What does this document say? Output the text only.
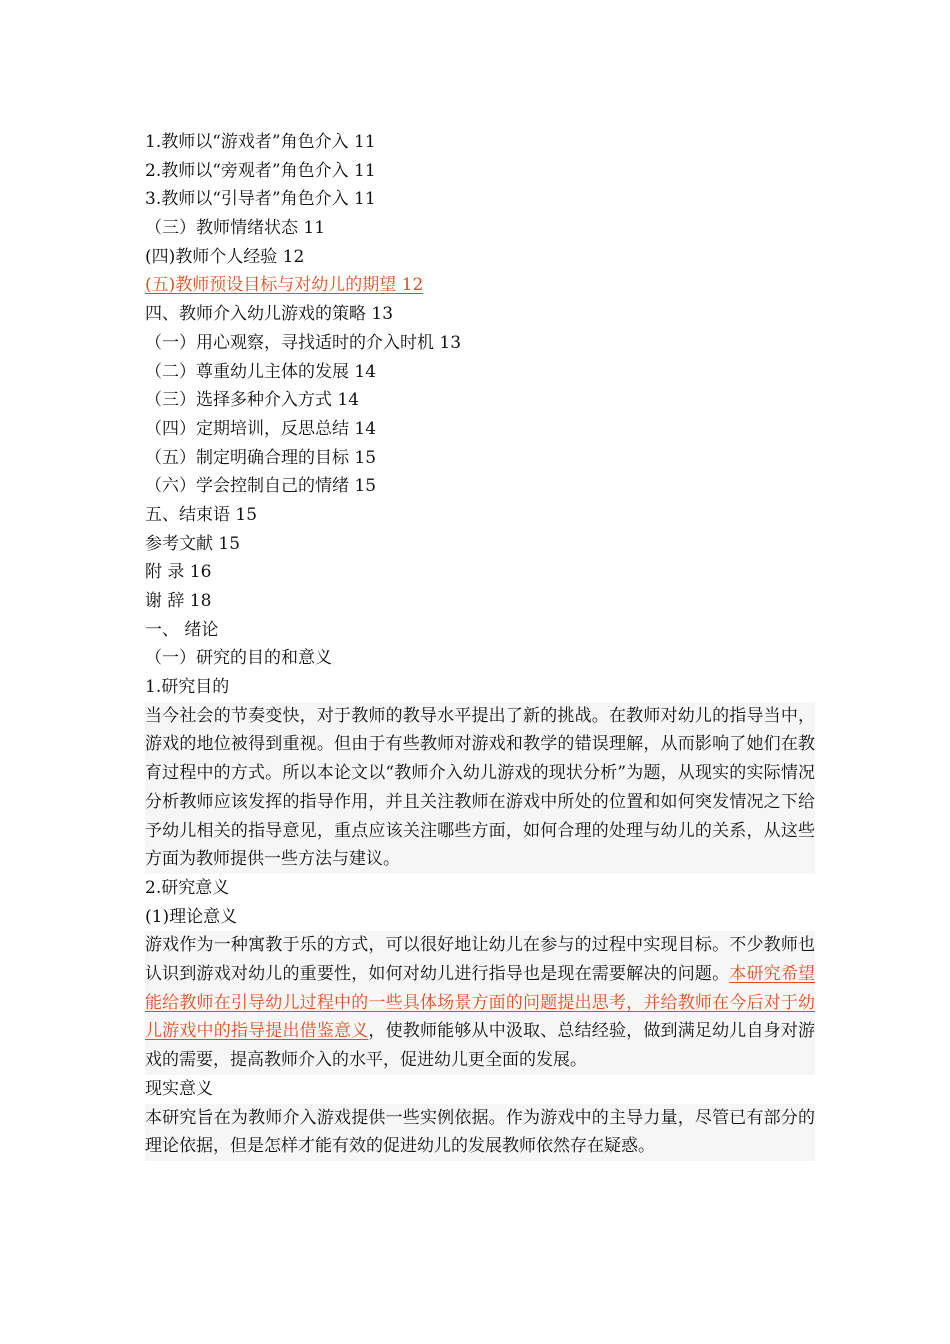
1.教师以“游戏者”角色介入 11
2.教师以“旁观者”角色介入 11
3.教师以“引导者”角色介入 11
（三）教师情绪状态 11
(四)教师个人经验 12
(五)教师预设目标与对幼儿的期望 12
四、教师介入幼儿游戏的策略 13
（一）用心观察，寻找适时的介入时机 13
（二）尊重幼儿主体的发展 14
（三）选择多种介入方式 14
（四）定期培训，反思总结 14
（五）制定明确合理的目标 15
（六）学会控制自己的情绪 15
五、结束语 15
参考文献 15
附 录 16
谢 辞 18
一、 绪论
（一）研究的目的和意义
1.研究目的
当今社会的节奏变快，对于教师的教导水平提出了新的挑战。在教师对幼儿的指导当中，游戏的地位被得到重视。但由于有些教师对游戏和教学的错误理解，从而影响了她们在教育过程中的方式。所以本论文以“教师介入幼儿游戏的现状分析”为题，从现实的实际情况分析教师应该发挥的指导作用，并且关注教师在游戏中所处的位置和如何突发情况之下给予幼儿相关的指导意见，重点应该关注哪些方面，如何合理的处理与幼儿的关系，从这些方面为教师提供一些方法与建议。
2.研究意义
(1)理论意义
游戏作为一种寓教于乐的方式，可以很好地让幼儿在参与的过程中实现目标。不少教师也认识到游戏对幼儿的重要性，如何对幼儿进行指导也是现在需要解决的问题。本研究希望能给教师在引导幼儿过程中的一些具体场景方面的问题提出思考，并给教师在今后对于幼儿游戏中的指导提出借鉴意义，使教师能够从中汲取、总结经验，做到满足幼儿自身对游戏的需要，提高教师介入的水平，促进幼儿更全面的发展。
现实意义
本研究旨在为教师介入游戏提供一些实例依据。作为游戏中的主导力量，尽管已有部分的理论依据，但是怎样才能有效的促进幼儿的发展教师依然存在疑惑。
